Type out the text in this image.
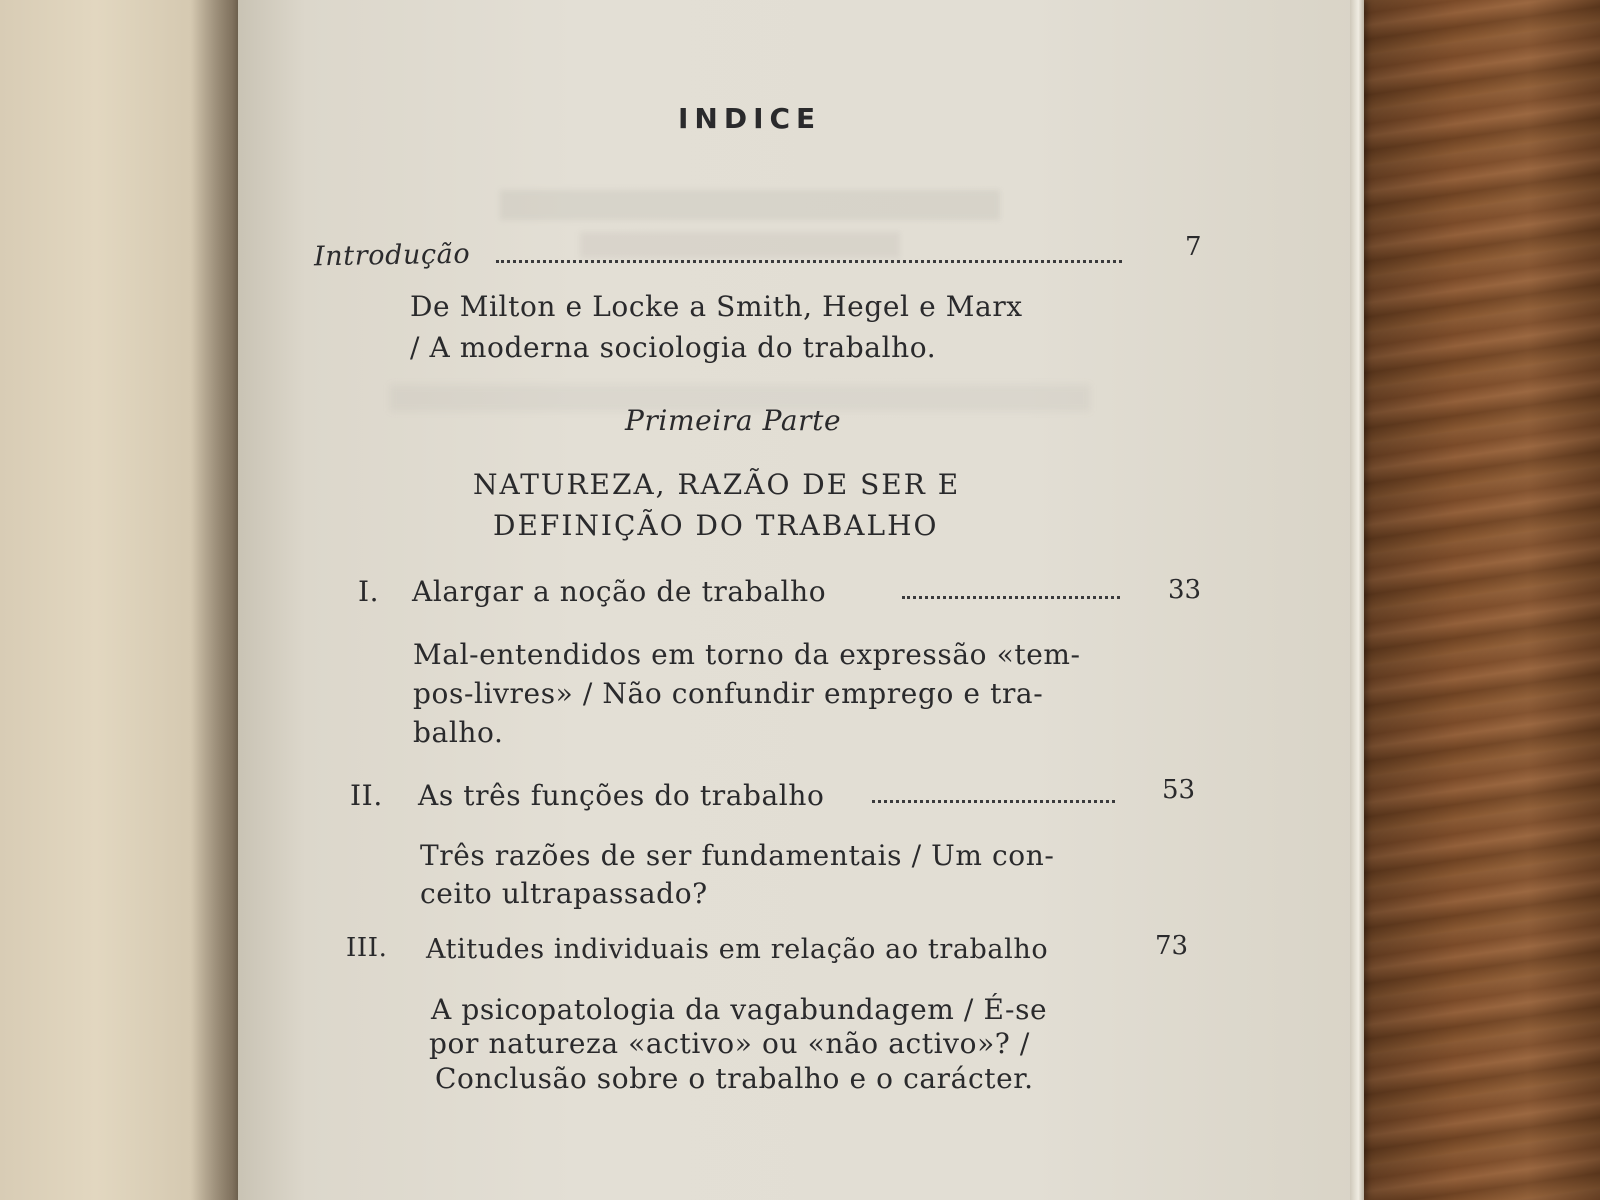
INDICE
Introdução	7
De Milton e Locke a Smith, Hegel e Marx
/ A moderna sociologia do trabalho.
Primeira Parte
NATUREZA, RAZÃO DE SER E
DEFINIÇÃO DO TRABALHO
I. Alargar a noção de trabalho	33
Mal-entendidos em torno da expressão «tem-
pos-livres» / Não confundir emprego e tra-
balho.
II. As três funções do trabalho	53
Três razões de ser fundamentais / Um con-
ceito ultrapassado?
III. Atitudes individuais em relação ao trabalho	73
A psicopatologia da vagabundagem / É-se
por natureza «activo» ou «não activo»? /
Conclusão sobre o trabalho e o carácter.
